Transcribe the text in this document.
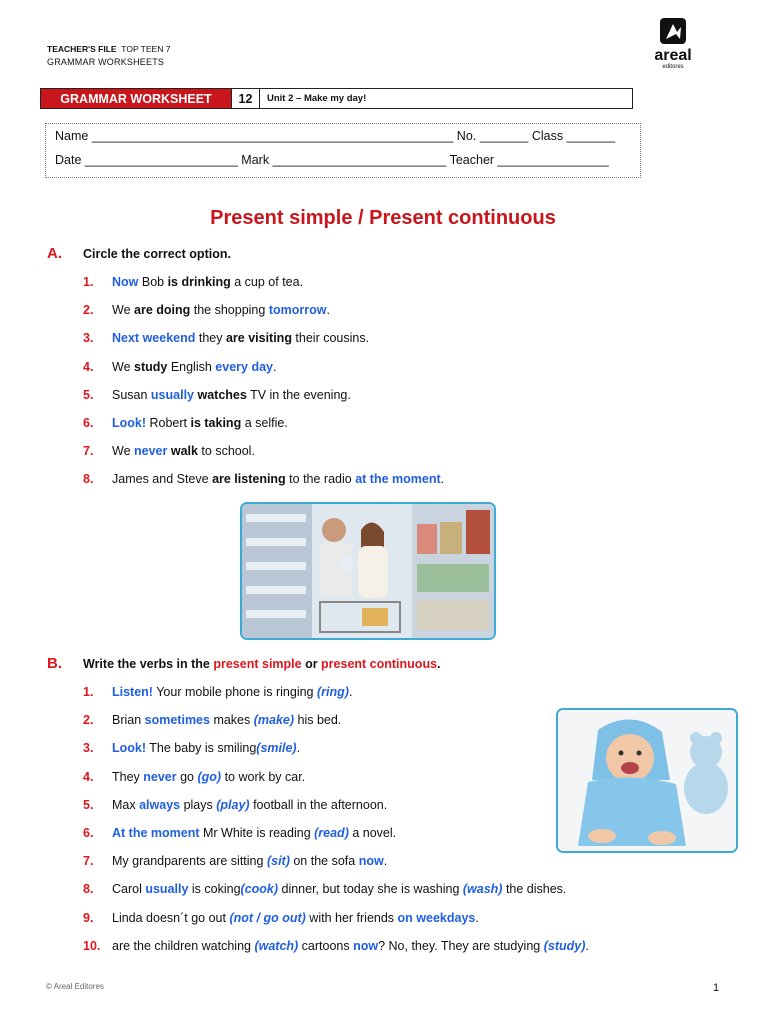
TEACHER'S FILE TOP TEEN 7
GRAMMAR WORKSHEETS	areal
editores
GRAMMAR WORKSHEET	12	Unit 2 – Make my day!
Name ____________________________________________________ No. _______ Class _______
Date ______________________ Mark _________________________ Teacher ________________
Present simple / Present continuous
A. Circle the correct option.
1. Now Bob is drinking a cup of tea.
2. We are doing the shopping tomorrow.
3. Next weekend they are visiting their cousins.
4. We study English every day.
5. Susan usually watches TV in the evening.
6. Look! Robert is taking a selfie.
7. We never walk to school.
8. James and Steve are listening to the radio at the moment.
B. Write the verbs in the present simple or present continuous.
1. Listen! Your mobile phone is ringing (ring).
2. Brian sometimes makes (make) his bed.
3. Look! The baby is smiling(smile).
4. They never go (go) to work by car.
5. Max always plays (play) football in the afternoon.
6. At the moment Mr White is reading (read) a novel.
7. My grandparents are sitting (sit) on the sofa now.
8. Carol usually is coking(cook) dinner, but today she is washing (wash) the dishes.
9. Linda doesn´t go out (not / go out) with her friends on weekdays.
10. are the children watching (watch) cartoons now? No, they. They are studying (study).
© Areal Editores	1
